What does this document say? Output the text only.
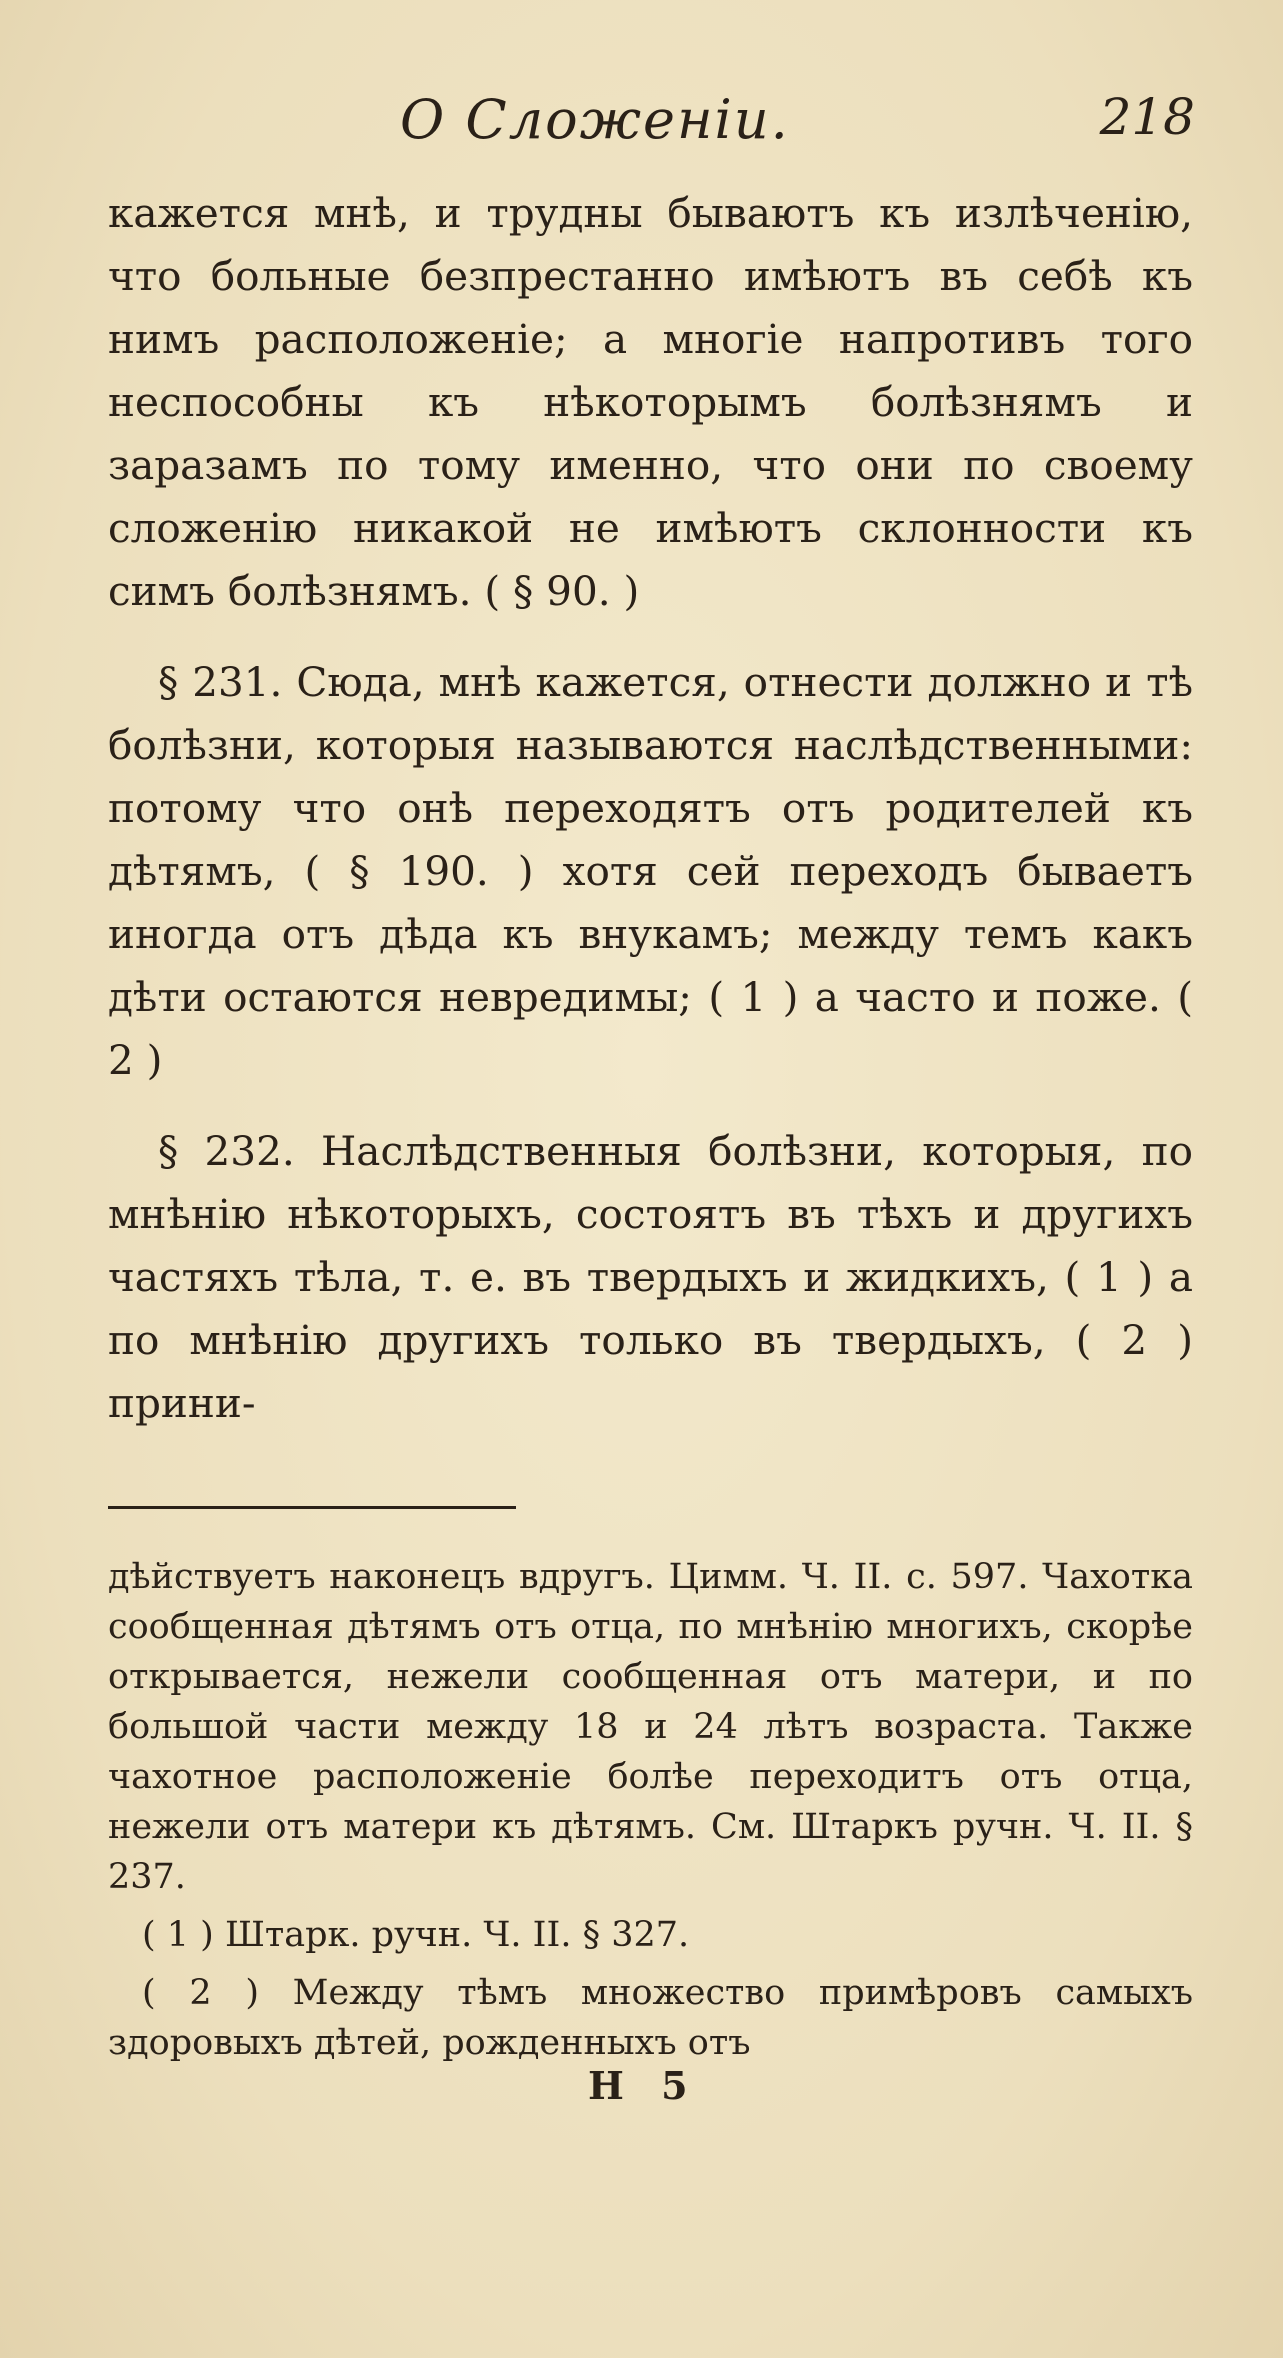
О Сложенiи.	218

кажется мнѣ, и трудны бываютъ къ излѣченiю, что больные безпрестанно имѣютъ въ себѣ къ нимъ расположенiе; а многiе напротивъ того неспособны къ нѣкоторымъ болѣзнямъ и заразамъ по тому именно, что они по своему сложенiю никакой не имѣютъ склонности къ симъ болѣзнямъ. ( § 90. )

§ 231. Сюда, мнѣ кажется, отнести должно и тѣ болѣзни, которыя называются наслѣдственными: потому что онѣ переходятъ отъ родителей къ дѣтямъ, ( § 190. ) хотя сей переходъ бываетъ иногда отъ дѣда къ внукамъ; между темъ какъ дѣти остаются невредимы; ( 1 ) а часто и поже. ( 2 )

§ 232. Наслѣдственныя болѣзни, которыя, по мнѣнiю нѣкоторыхъ, состоятъ въ тѣхъ и другихъ частяхъ тѣла, т. е. въ твердыхъ и жидкихъ, ( 1 ) а по мнѣнiю другихъ только въ твердыхъ, ( 2 ) прини-

дѣйствуетъ наконецъ вдругъ. Цимм. Ч. II. с. 597. Чахотка сообщенная дѣтямъ отъ отца, по мнѣнiю многихъ, скорѣе открывается, нежели сообщенная отъ матери, и по большой части между 18 и 24 лѣтъ возраста. Также чахотное расположенiе болѣе переходитъ отъ отца, нежели отъ матери къ дѣтямъ. См. Штаркъ ручн. Ч. II. § 237.

( 1 ) Штарк. ручн. Ч. II. § 327.

( 2 ) Между тѣмъ множество примѣровъ самыхъ здоровыхъ дѣтей, рожденныхъ отъ

Н 5
